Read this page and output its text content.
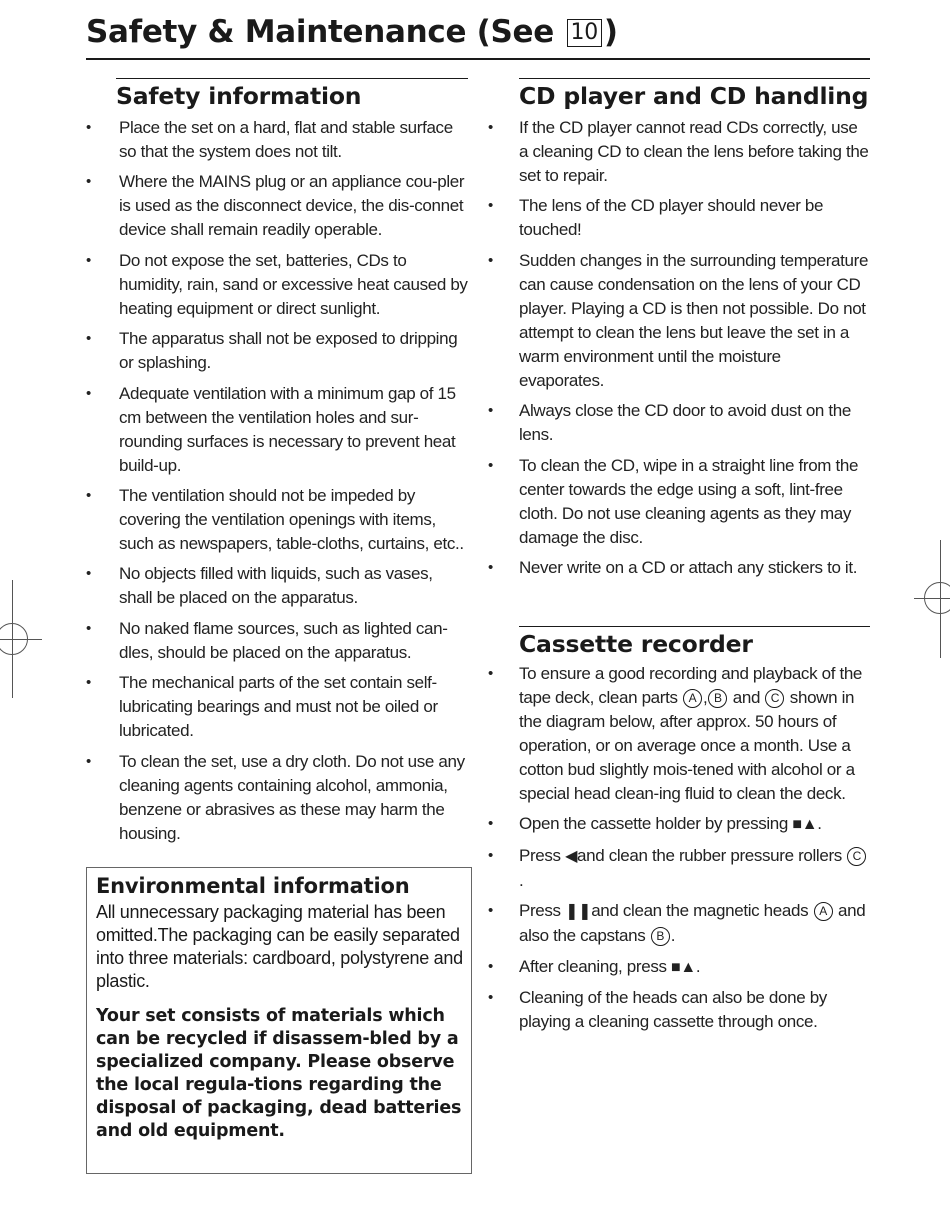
Safety & Maintenance (See 10 )
Safety information
• Place the set on a hard, flat and stable surface so that the system does not tilt.
• Where the MAINS plug or an appliance cou-pler is used as the disconnect device, the dis-connet device shall remain readily operable.
• Do not expose the set, batteries, CDs to humidity, rain, sand or excessive heat caused by heating equipment or direct sunlight.
• The apparatus shall not be exposed to dripping or splashing.
• Adequate ventilation with a minimum gap of 15 cm between the ventilation holes and sur-rounding surfaces is necessary to prevent heat build-up.
• The ventilation should not be impeded by covering the ventilation openings with items, such as newspapers, table-cloths, curtains, etc..
• No objects filled with liquids, such as vases, shall be placed on the apparatus.
• No naked flame sources, such as lighted can-dles, should be placed on the apparatus.
• The mechanical parts of the set contain self-lubricating bearings and must not be oiled or lubricated.
• To clean the set, use a dry cloth. Do not use any cleaning agents containing alcohol, ammonia, benzene or abrasives as these may harm the housing.
Environmental information

All unnecessary packaging material has been omitted.The packaging can be easily separated into three materials: cardboard, polystyrene and plastic.

Your set consists of materials which can be recycled if disassem-bled by a specialized company. Please observe the local regula-tions regarding the disposal of packaging, dead batteries and old equipment.

CD player and CD handling
• If the CD player cannot read CDs correctly, use a cleaning CD to clean the lens before taking the set to repair.
• The lens of the CD player should never be touched!
• Sudden changes in the surrounding temperature can cause condensation on the lens of your CD player. Playing a CD is then not possible. Do not attempt to clean the lens but leave the set in a warm environment until the moisture evaporates.
• Always close the CD door to avoid dust on the lens.
• To clean the CD, wipe in a straight line from the center towards the edge using a soft, lint-free cloth. Do not use cleaning agents as they may damage the disc.
• Never write on a CD or attach any stickers to it.
Cassette recorder
• To ensure a good recording and playback of the tape deck, clean parts A , B and C shown in the diagram below, after approx. 50 hours of operation, or on average once a month. Use a cotton bud slightly mois-tened with alcohol or a special head clean-ing fluid to clean the deck.
• Open the cassette holder by pressing ■▲.
• Press ◀and clean the rubber pressure rollers C.
• Press ❚❚and clean the magnetic heads A and also the capstans B .
• After cleaning, press ■▲.
• Cleaning of the heads can also be done by playing a cleaning cassette through once.
